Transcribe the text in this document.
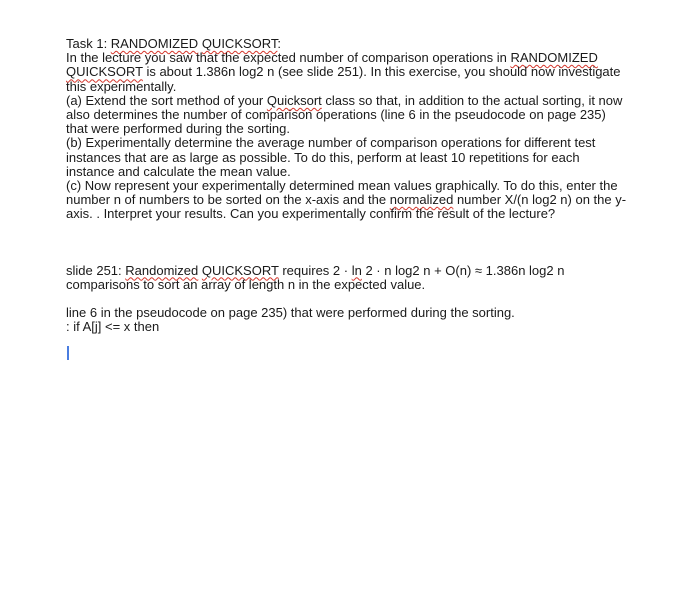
Task 1: RANDOMIZED QUICKSORT:
In the lecture you saw that the expected number of comparison operations in RANDOMIZED
QUICKSORT is about 1.386n log2 n (see slide 251). In this exercise, you should now investigate
this experimentally.
(a) Extend the sort method of your Quicksort class so that, in addition to the actual sorting, it now
also determines the number of comparison operations (line 6 in the pseudocode on page 235)
that were performed during the sorting.
(b) Experimentally determine the average number of comparison operations for different test
instances that are as large as possible. To do this, perform at least 10 repetitions for each
instance and calculate the mean value.
(c) Now represent your experimentally determined mean values graphically. To do this, enter the
number n of numbers to be sorted on the x-axis and the normalized number X/(n log2 n) on the y-
axis. . Interpret your results. Can you experimentally confirm the result of the lecture?
slide 251: Randomized QUICKSORT requires 2 · ln 2 · n log2 n + O(n) ≈ 1.386n log2 n
comparisons to sort an array of length n in the expected value.
line 6 in the pseudocode on page 235) that were performed during the sorting.
: if A[j] <= x then
